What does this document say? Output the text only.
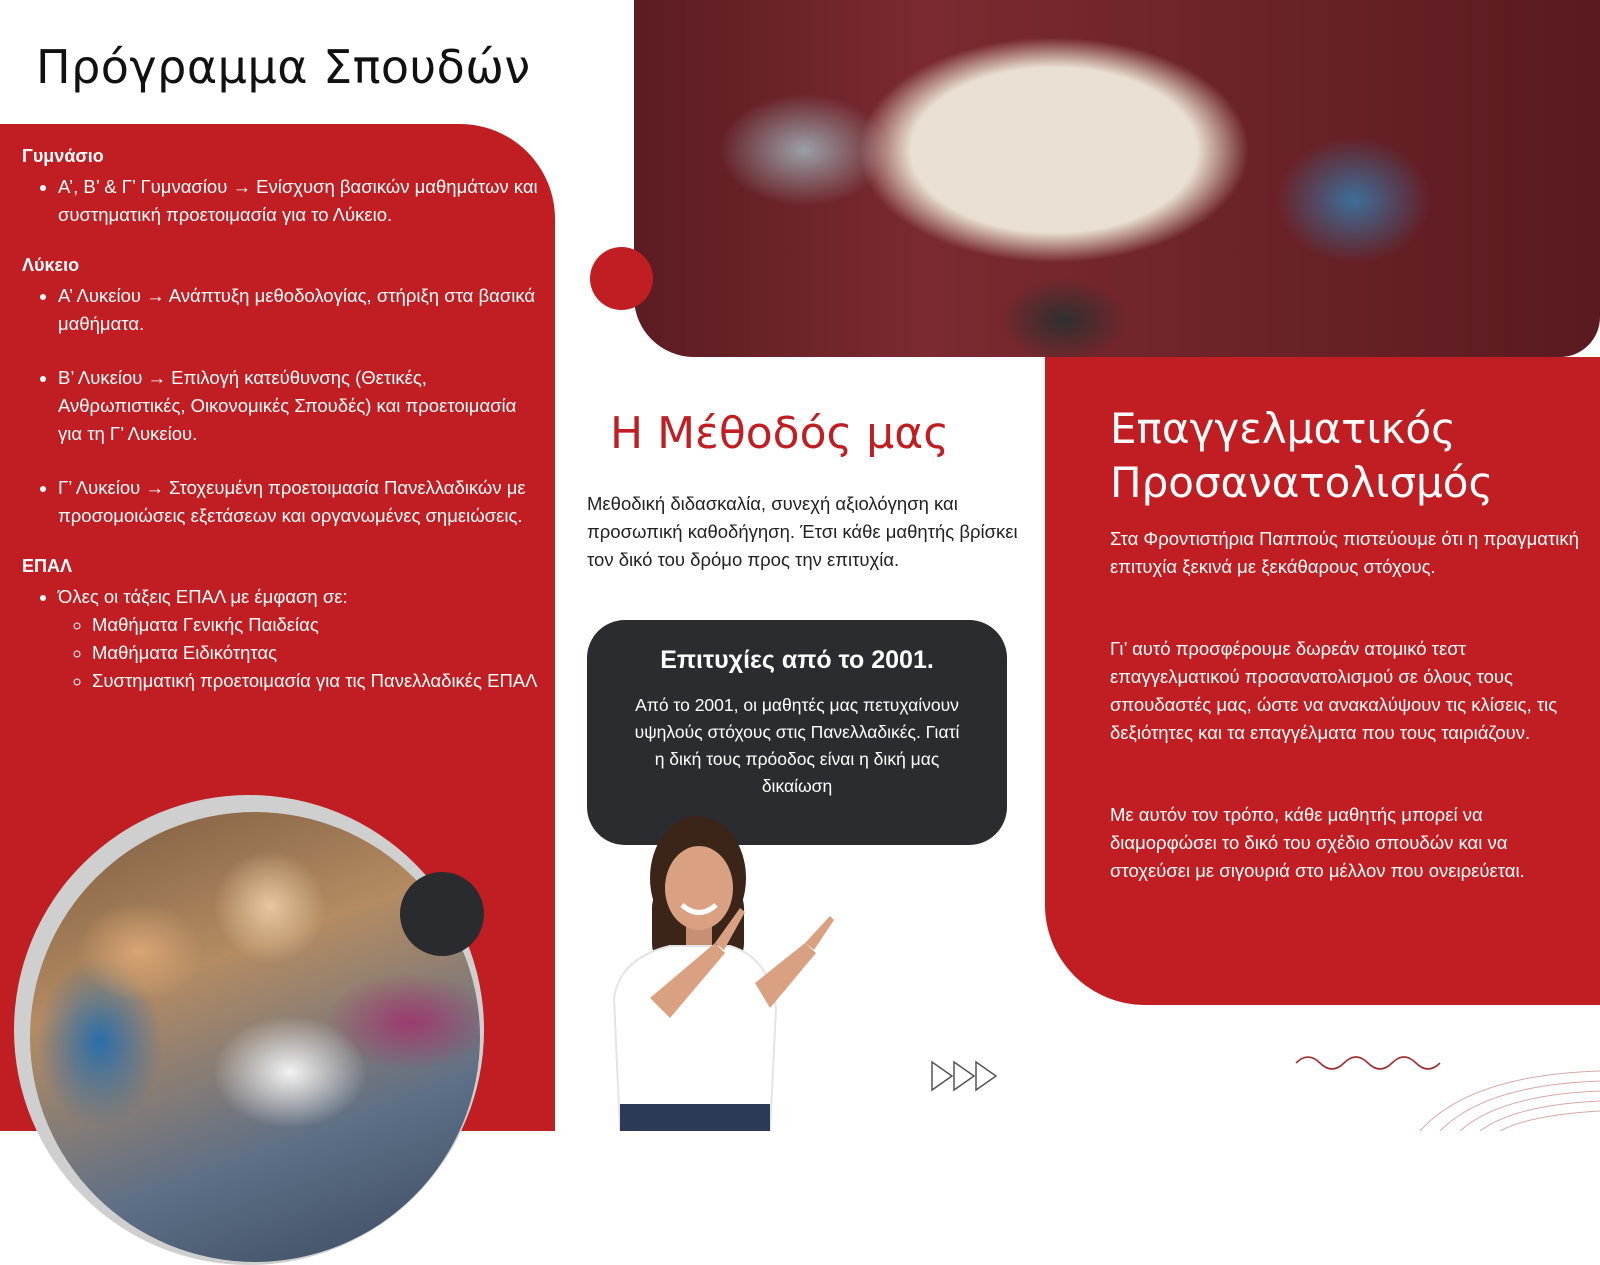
Πρόγραμμα Σπουδών
Γυμνάσιο
• Α’, Β’ & Γ’ Γυμνασίου → Ενίσχυση βασικών μαθημάτων και συστηματική προετοιμασία για το Λύκειο.
Λύκειο
• Α’ Λυκείου → Ανάπτυξη μεθοδολογίας, στήριξη στα βασικά μαθήματα.
• Β’ Λυκείου → Επιλογή κατεύθυνσης (Θετικές, Ανθρωπιστικές, Οικονομικές Σπουδές) και προετοιμασία για τη Γ’ Λυκείου.
• Γ’ Λυκείου → Στοχευμένη προετοιμασία Πανελλαδικών με προσομοιώσεις εξετάσεων και οργανωμένες σημειώσεις.
ΕΠΑΛ
• Όλες οι τάξεις ΕΠΑΛ με έμφαση σε:
◦ Μαθήματα Γενικής Παιδείας
◦ Μαθήματα Ειδικότητας
◦ Συστηματική προετοιμασία για τις Πανελλαδικές ΕΠΑΛ
Η Μέθοδός μας

Μεθοδική διδασκαλία, συνεχή αξιολόγηση και προσωπική καθοδήγηση. Έτσι κάθε μαθητής βρίσκει τον δικό του δρόμο προς την επιτυχία.

Επιτυχίες από το 2001.

Από το 2001, οι μαθητές μας πετυχαίνουν υψηλούς στόχους στις Πανελλαδικές. Γιατί η δική τους πρόοδος είναι η δική μας δικαίωση

Επαγγελματικός Προσανατολισμός

Στα Φροντιστήρια Παππούς πιστεύουμε ότι η πραγματική επιτυχία ξεκινά με ξεκάθαρους στόχους.

Γι’ αυτό προσφέρουμε δωρεάν ατομικό τεστ επαγγελματικού προσανατολισμού σε όλους τους σπουδαστές μας, ώστε να ανακαλύψουν τις κλίσεις, τις δεξιότητες και τα επαγγέλματα που τους ταιριάζουν.

Με αυτόν τον τρόπο, κάθε μαθητής μπορεί να διαμορφώσει το δικό του σχέδιο σπουδών και να στοχεύσει με σιγουριά στο μέλλον που ονειρεύεται.
